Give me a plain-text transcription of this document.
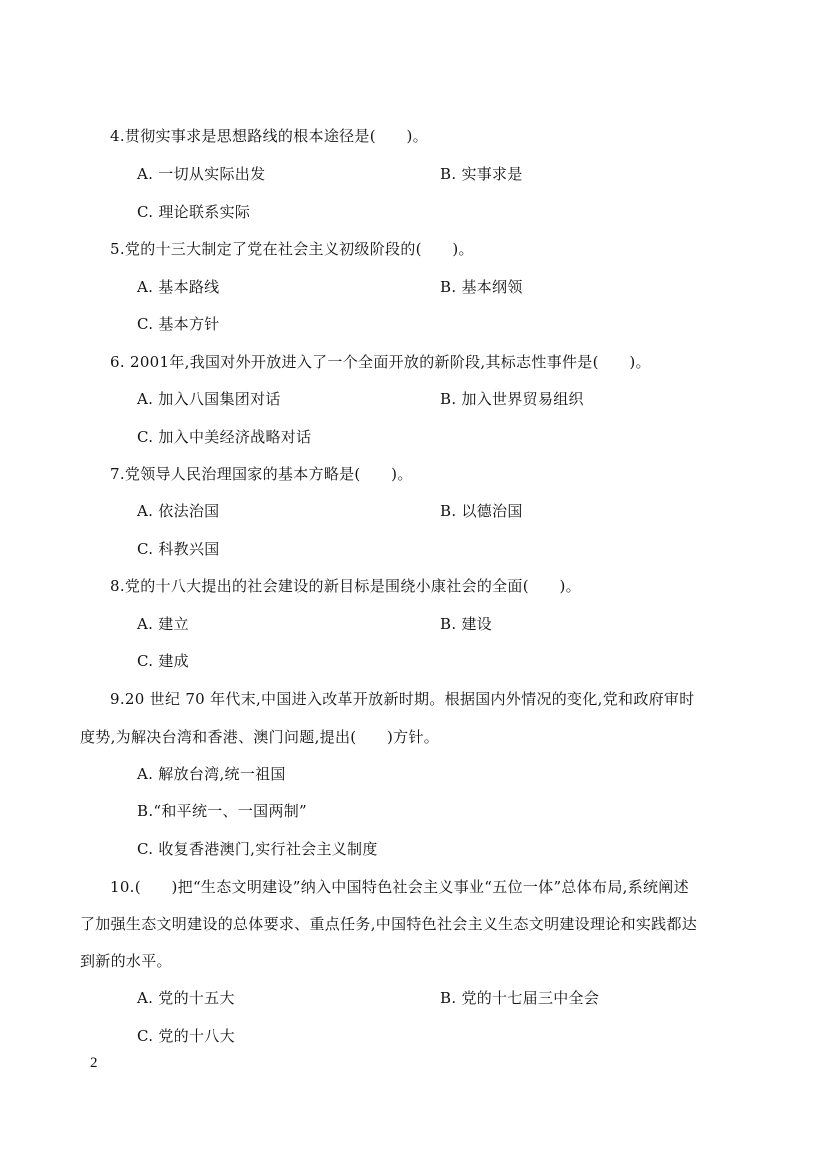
4.贯彻实事求是思想路线的根本途径是(　　)。
A. 一切从实际出发	B. 实事求是
C. 理论联系实际
5.党的十三大制定了党在社会主义初级阶段的(　　)。
A. 基本路线	B. 基本纲领
C. 基本方针
6. 2001年,我国对外开放进入了一个全面开放的新阶段,其标志性事件是(　　)。
A. 加入八国集团对话	B. 加入世界贸易组织
C. 加入中美经济战略对话
7.党领导人民治理国家的基本方略是(　　)。
A. 依法治国	B. 以德治国
C. 科教兴国
8.党的十八大提出的社会建设的新目标是围绕小康社会的全面(　　)。
A. 建立	B. 建设
C. 建成
9.20 世纪 70 年代末,中国进入改革开放新时期。根据国内外情况的变化,党和政府审时
度势,为解决台湾和香港、澳门问题,提出(　　)方针。
A. 解放台湾,统一祖国
B.“和平统一、一国两制”
C. 收复香港澳门,实行社会主义制度
10.(　　)把“生态文明建设”纳入中国特色社会主义事业“五位一体”总体布局,系统阐述
了加强生态文明建设的总体要求、重点任务,中国特色社会主义生态文明建设理论和实践都达
到新的水平。
A. 党的十五大	B. 党的十七届三中全会
C. 党的十八大
2
